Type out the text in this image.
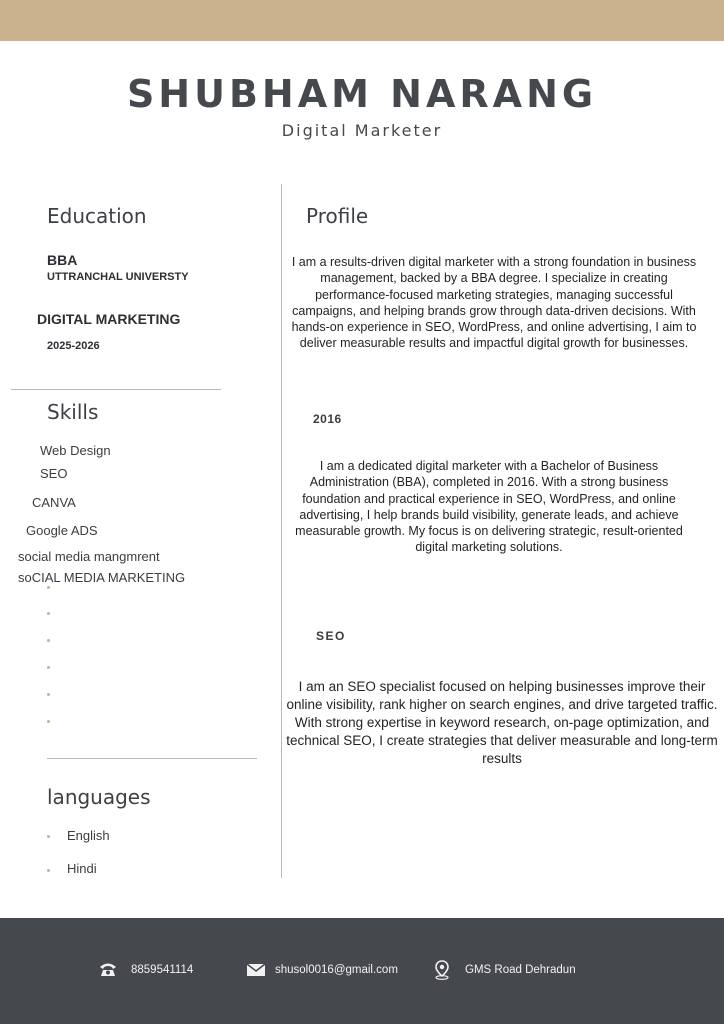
SHUBHAM NARANG
Digital Marketer
Education
BBA
UTTRANCHAL UNIVERSTY
DIGITAL MARKETING
2025-2026
Skills
Web Design
SEO
CANVA
Google ADS
social media mangmrent
soCIAL MEDIA MARKETING
languages
English
Hindi
Profile
I am a results-driven digital marketer with a strong foundation in business management, backed by a BBA degree. I specialize in creating performance-focused marketing strategies, managing successful campaigns, and helping brands grow through data-driven decisions. With hands-on experience in SEO, WordPress, and online advertising, I aim to deliver measurable results and impactful digital growth for businesses.
2016
I am a dedicated digital marketer with a Bachelor of Business Administration (BBA), completed in 2016. With a strong business foundation and practical experience in SEO, WordPress, and online advertising, I help brands build visibility, generate leads, and achieve measurable growth. My focus is on delivering strategic, result-oriented digital marketing solutions.
SEO
I am an SEO specialist focused on helping businesses improve their online visibility, rank higher on search engines, and drive targeted traffic. With strong expertise in keyword research, on-page optimization, and technical SEO, I create strategies that deliver measurable and long-term results
8859541114	shusol0016@gmail.com	GMS Road Dehradun
